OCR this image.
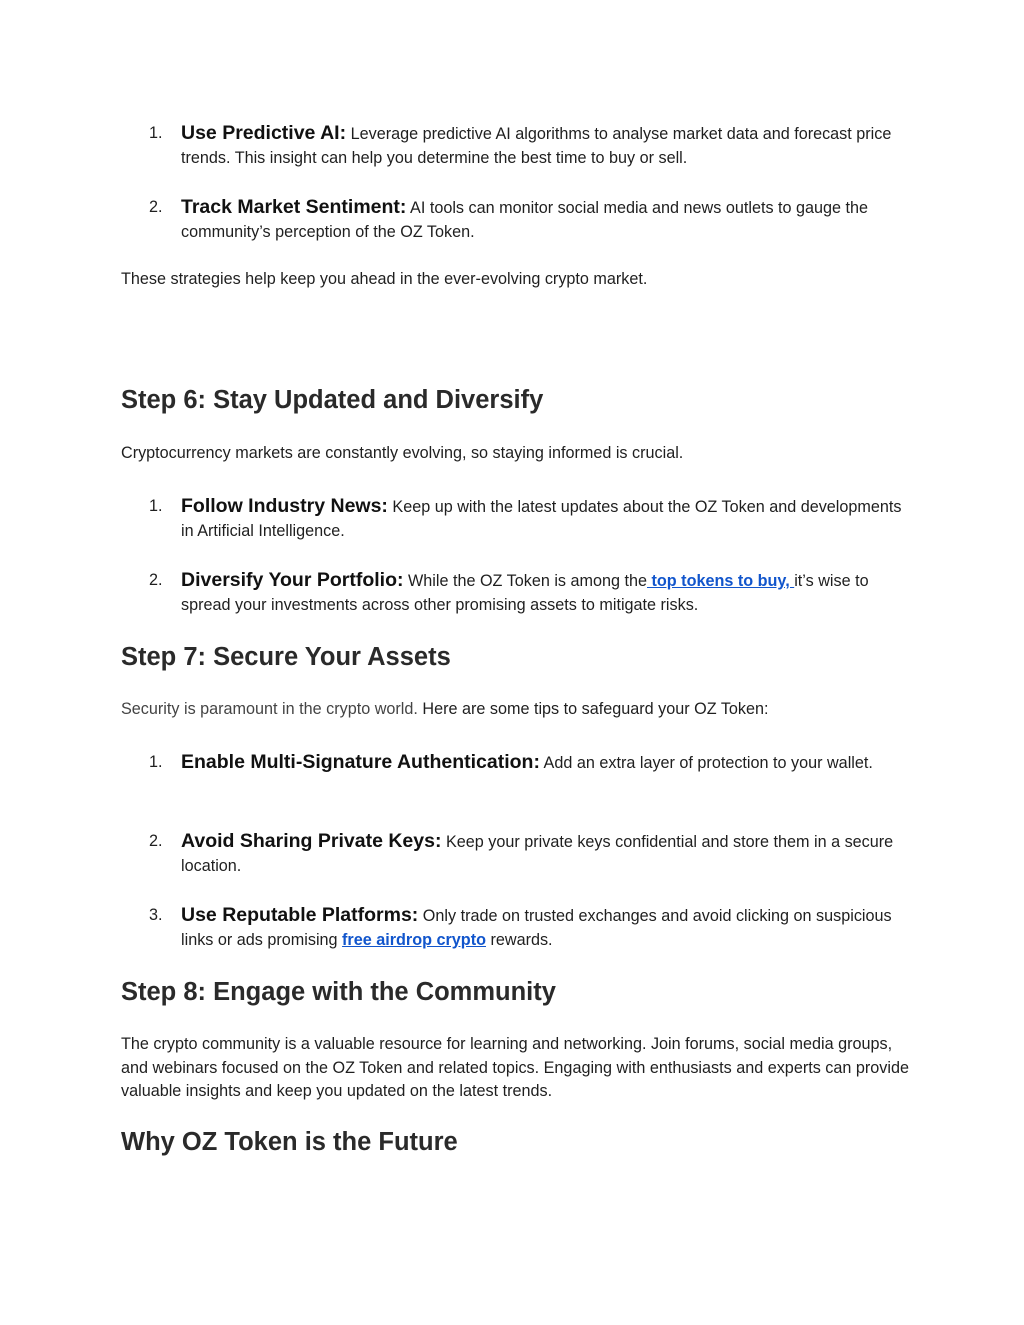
1. Use Predictive AI: Leverage predictive AI algorithms to analyse market data and forecast price trends. This insight can help you determine the best time to buy or sell.
2. Track Market Sentiment: AI tools can monitor social media and news outlets to gauge the community’s perception of the OZ Token.
These strategies help keep you ahead in the ever-evolving crypto market.
Step 6: Stay Updated and Diversify
Cryptocurrency markets are constantly evolving, so staying informed is crucial.
1. Follow Industry News: Keep up with the latest updates about the OZ Token and developments in Artificial Intelligence.
2. Diversify Your Portfolio: While the OZ Token is among the top tokens to buy, it’s wise to spread your investments across other promising assets to mitigate risks.
Step 7: Secure Your Assets
Security is paramount in the crypto world. Here are some tips to safeguard your OZ Token:
1. Enable Multi-Signature Authentication: Add an extra layer of protection to your wallet.
2. Avoid Sharing Private Keys: Keep your private keys confidential and store them in a secure location.
3. Use Reputable Platforms: Only trade on trusted exchanges and avoid clicking on suspicious links or ads promising free airdrop crypto rewards.
Step 8: Engage with the Community
The crypto community is a valuable resource for learning and networking. Join forums, social media groups, and webinars focused on the OZ Token and related topics. Engaging with enthusiasts and experts can provide valuable insights and keep you updated on the latest trends.
Why OZ Token is the Future
